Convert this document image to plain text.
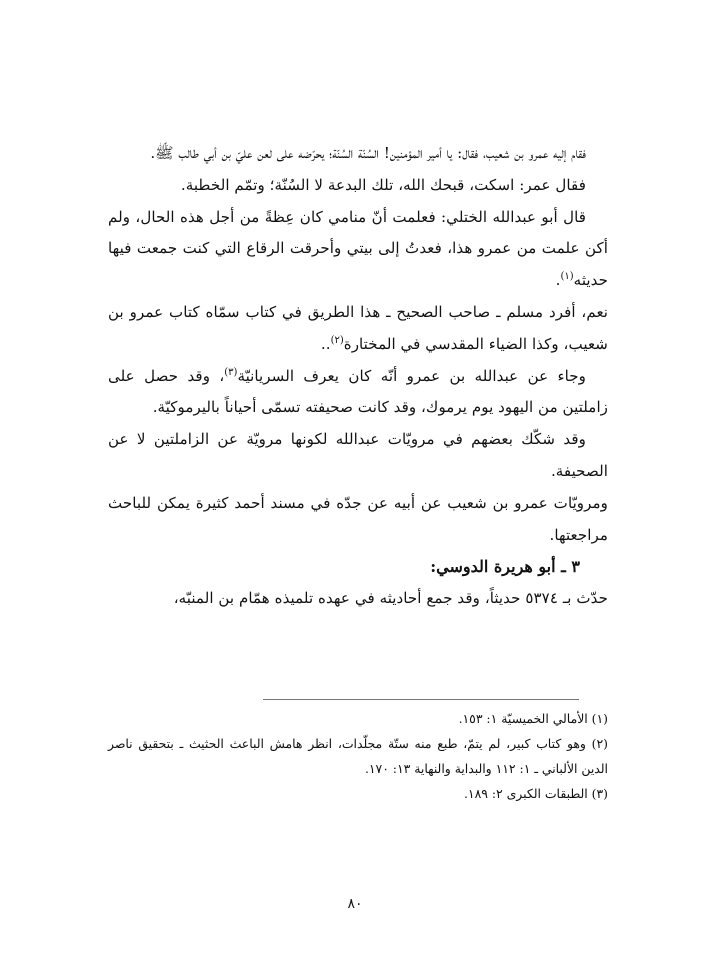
فقام إليه عمرو بن شعيب، فقال: يا أمير المؤمنين! السُنّة السُنّة؛ يحرّضه على لعن عليّ بن أبي طالب ﷺ.

فقال عمر: اسكت، قبحك الله، تلك البدعة لا السُنّة؛ وتمّم الخطبة.

قال أبو عبدالله الختلي: فعلمت أنّ منامي كان عِظةً من أجل هذه الحال، ولم أكن علمت من عمرو هذا، فعدتُ إلى بيتي وأحرقت الرقاع التي كنت جمعت فيها حديثه$^{(١)}$.

نعم، أفرد مسلم ـ صاحب الصحيح ـ هذا الطريق في كتاب سمّاه كتاب عمرو بن شعيب، وكذا الضياء المقدسي في المختارة$^{(٢)}$..

وجاء عن عبدالله بن عمرو أنّه كان يعرف السريانيّة$^{(٣)}$، وقد حصل على زاملتين من اليهود يوم يرموك، وقد كانت صحيفته تسمّى أحياناً باليرموكيّة.

وقد شكّك بعضهم في مرويّات عبدالله لكونها مرويّة عن الزاملتين لا عن الصحيفة.

ومرويّات عمرو بن شعيب عن أبيه عن جدّه في مسند أحمد كثيرة يمكن للباحث مراجعتها.

٣ ـ أبو هريرة الدوسي:

حدّث بـ ٥٣٧٤ حديثاً، وقد جمع أحاديثه في عهده تلميذه همّام بن المنبّه،

(١) الأمالي الخميسيّة ١: ١٥٣.

(٢) وهو كتاب كبير، لم يتمّ، طبع منه ستّة مجلّدات، انظر هامش الباعث الحثيث ـ بتحقيق ناصر الدين الألباني ـ ١: ١١٢ والبداية والنهاية ١٣: ١٧٠.

(٣) الطبقات الكبرى ٢: ١٨٩.

٨٠
